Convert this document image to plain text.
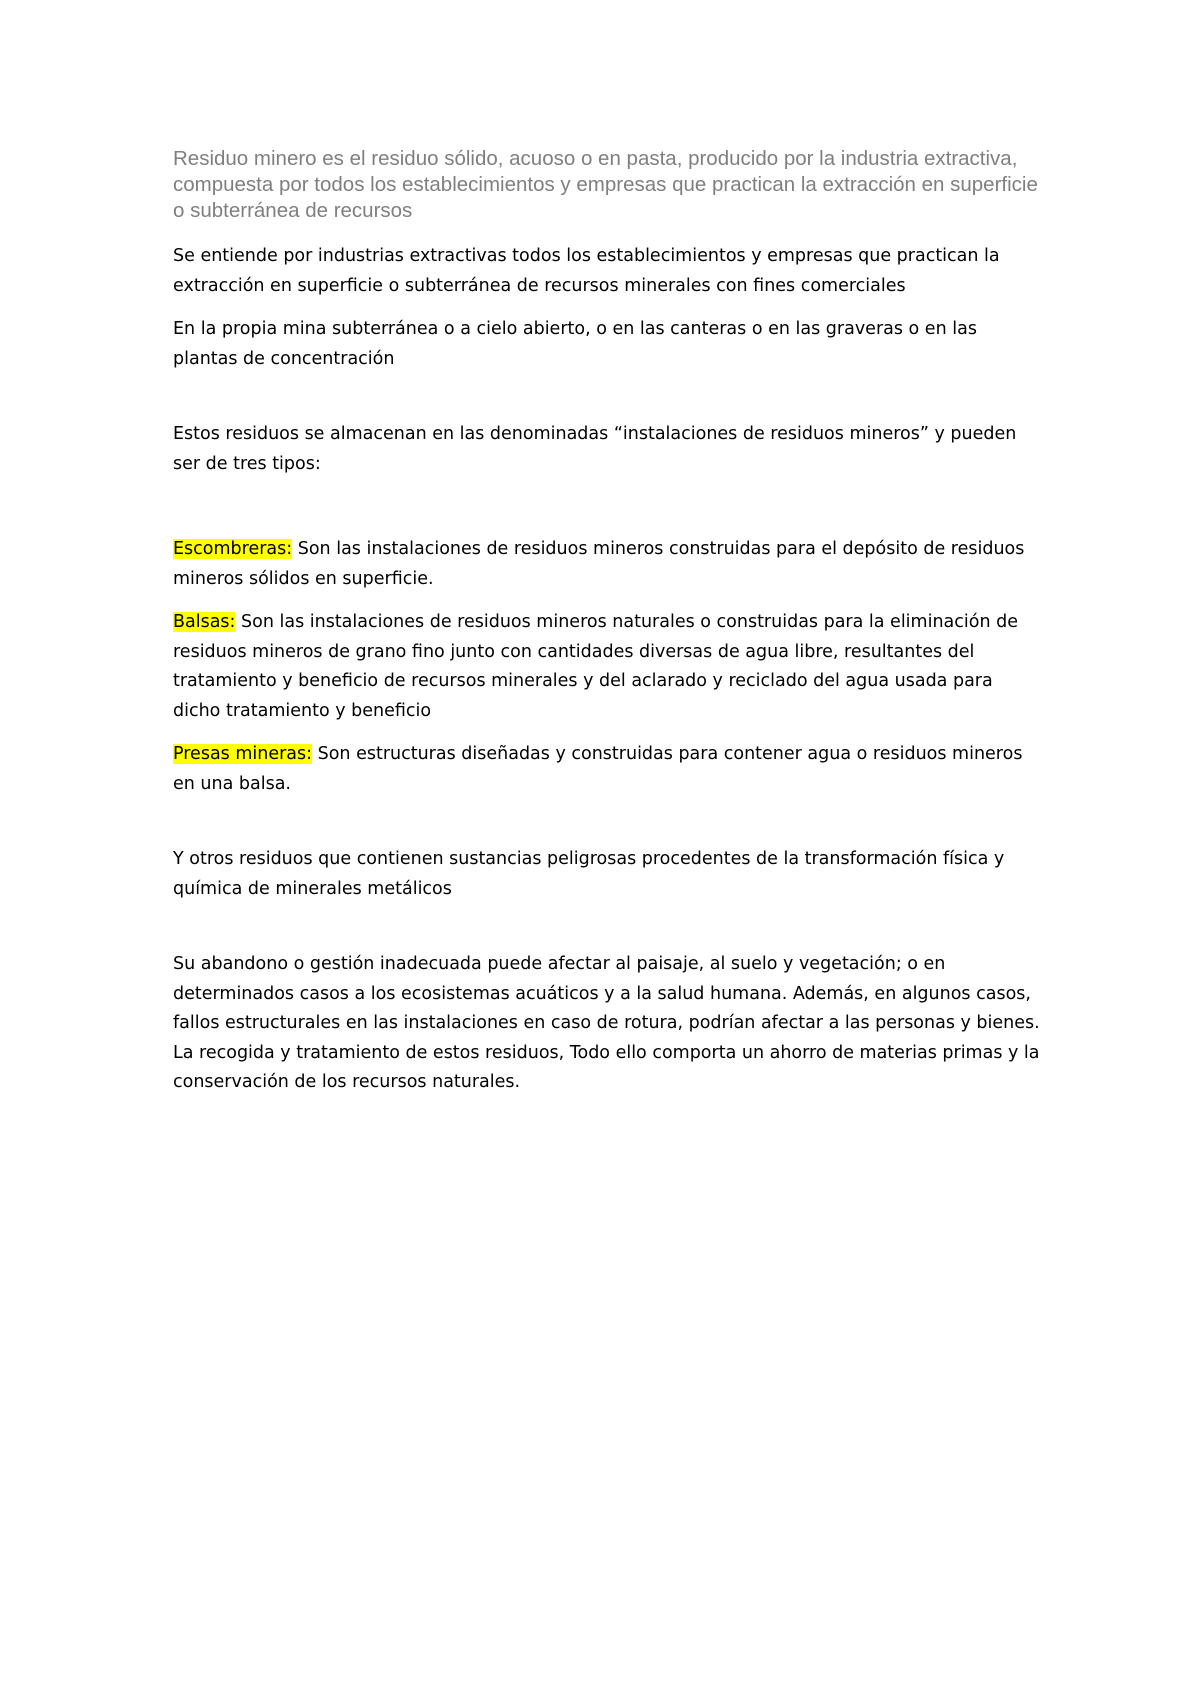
Residuo minero es el residuo sólido, acuoso o en pasta, producido por la industria extractiva, compuesta por todos los establecimientos y empresas que practican la extracción en superficie o subterránea de recursos

Se entiende por industrias extractivas todos los establecimientos y empresas que practican la extracción en superficie o subterránea de recursos minerales con fines comerciales

En la propia mina subterránea o a cielo abierto, o en las canteras o en las graveras o en las plantas de concentración

Estos residuos se almacenan en las denominadas “instalaciones de residuos mineros” y pueden ser de tres tipos:

Escombreras: Son las instalaciones de residuos mineros construidas para el depósito de residuos mineros sólidos en superficie.

Balsas: Son las instalaciones de residuos mineros naturales o construidas para la eliminación de residuos mineros de grano fino junto con cantidades diversas de agua libre, resultantes del tratamiento y beneficio de recursos minerales y del aclarado y reciclado del agua usada para dicho tratamiento y beneficio

Presas mineras: Son estructuras diseñadas y construidas para contener agua o residuos mineros en una balsa.

Y otros residuos que contienen sustancias peligrosas procedentes de la transformación física y química de minerales metálicos

Su abandono o gestión inadecuada puede afectar al paisaje, al suelo y vegetación; o en determinados casos a los ecosistemas acuáticos y a la salud humana. Además, en algunos casos, fallos estructurales en las instalaciones en caso de rotura, podrían afectar a las personas y bienes. La recogida y tratamiento de estos residuos, Todo ello comporta un ahorro de materias primas y la conservación de los recursos naturales.
